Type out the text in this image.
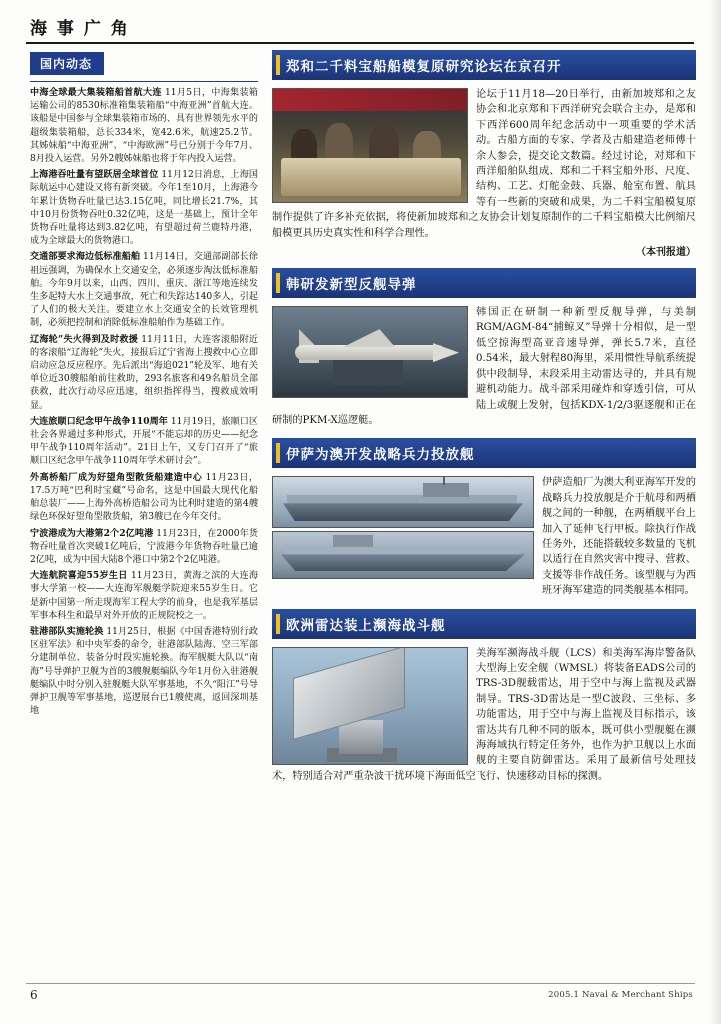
海 事 广 角
国内动态
中海全球最大集装箱船首航大连 11月5日，中海集装箱运输公司的8530标准箱集装箱船“中海亚洲”首航大连。该船是中国参与全球集装箱市场的、具有世界领先水平的超级集装箱船，总长334米，宽42.6米，航速25.2节。其姊妹船“中海亚洲”、“中海欧洲”号已分别于今年7月、8月投入运营。另外2艘姊妹船也将于年内投入运营。
上海港吞吐量有望跃居全球首位 11月12日消息，上海国际航运中心建设又将有新突破。今年1至10月，上海港今年累计货物吞吐量已达3.15亿吨，同比增长21.7%，其中10月份货物吞吐0.32亿吨，这是一基础上，预计全年货物吞吐量将达到3.82亿吨，有望超过荷兰鹿特丹港，成为全球最大的货物港口。
交通部要求海边低标准船舶 11月14日，交通部副部长徐祖远强调，为确保水上交通安全，必须逐步淘汰低标准船舶。今年9月以来，山西、四川、重庆、浙江等地连续发生多起特大水上交通事故，死亡和失踪达140多人，引起了人们的极大关注。要建立水上交通安全的长效管理机制，必须把控制和消除低标准船舶作为基础工作。
辽海轮”失火得到及时救援 11月11日，大连客滚船附近的客滚船“辽海轮”失火，接报后辽宁省海上搜救中心立即启动应急反应程序。先后派出“海追021”轮及军、地有关单位近30艘船舶前往救助，293名旅客和49名船员全部获救，此次行动尽应迅速，组织指挥得当，搜救成效明显。
大连旅顺口纪念甲午战争110周年 11月19日，旅顺口区社会各界通过多种形式，开展“不能忘却的历史——纪念甲午战争110周年活动”。21日上午，又专门召开了“旅顺口区纪念甲午战争110周年学术研讨会”。
外高桥船厂成为好望角型散货船建造中心 11月23日，17.5万吨“巴利时宝藏”号命名，这是中国最大现代化船舶总装厂——上海外高桥造船公司为比利时建造的第4艘绿色环保好望角型散货船，第3艘已在今年交付。
宁波港成为大港第2个2亿吨港 11月23日，在2000年货物吞吐量首次突破1亿吨后，宁波港今年货物吞吐量已逾2亿吨，成为中国大陆8个港口中第2个2亿吨港。
大连航院喜迎55岁生日 11月23日，黄海之滨的大连海事大学第一校——大连海军舰艇学院迎来55岁生日。它是新中国第一所走现海军工程大学的前身，也是我军基层军事本科生和最早对外开放的正规院校之一。
驻港部队实施轮换 11月25日，根据《中国香港特别行政区驻军法》和中央军委的命令，驻港部队陆海、空三军部分建制单位、装备分时段实施轮换。海军舰艇大队以“南海”号导弹护卫舰为首的3艘舰艇编队今年1月份入驻港舰艇编队中时分别入驻舰艇大队军事基地，不久“阳江”号导弹护卫舰等军事基地，巡逻展台已1艘使离，返回深圳基地
郑和二千料宝船船模复原研究论坛在京召开
论坛于11月18—20日举行，由新加坡郑和之友协会和北京郑和下西洋研究会联合主办，是郑和下西洋600周年纪念活动中一项重要的学术活动。古船方面的专家、学者及古船建造老师傅十余人参会，提交论文数篇。经过讨论，对郑和下西洋船舶队组成、郑和二千料宝船外形、尺度、结构、工艺、灯舵金鼓、兵器、舱室布置、航具等有一些新的突破和成果，为二千料宝船模复原制作提供了许多补充依据，将使新加坡郑和之友协会计划复原制作的二千料宝船模大比例缩尺船模更具历史真实性和科学合理性。
（本刊报道）
韩研发新型反舰导弹
韩国正在研制一种新型反舰导弹，与美制RGM/AGM-84“捕鲸叉”导弹十分相似，是一型低空掠海型高亚音速导弹，弹长5.7米，直径0.54米，最大射程80海里，采用惯性导航系统提供中段制导，末段采用主动雷达寻的，并具有规避机动能力。战斗部采用碰炸和穿透引信，可从陆上或舰上发射，包括KDX-1/2/3驱逐舰和正在研制的PKM-X巡逻艇。
伊萨为澳开发战略兵力投放舰
伊萨造船厂为澳大利亚海军开发的战略兵力投放舰是介于航母和两栖舰之间的一种舰，在两栖舰平台上加入了延伸飞行甲板。除执行作战任务外，还能搭载较多数量的飞机以适行在自然灾害中搜寻、营救、支援等非作战任务。该型舰与为西班牙海军建造的同类舰基本相同。
欧洲雷达装上濒海战斗舰
美海军濒海战斗舰（LCS）和美海军海岸警备队大型海上安全舰（WMSL）将装备EADS公司的TRS-3D舰载雷达，用于空中与海上监视及武器制导。TRS-3D雷达是一型C波段、三坐标、多功能雷达，用于空中与海上监视及目标指示，该雷达共有几种不同的版本，既可供小型舰艇在濒海海域执行特定任务外，也作为护卫舰以上水面舰的主要自防御雷达。采用了最新信号处理技术，特别适合对严重杂波干扰环境下海面低空飞行、快速移动目标的探测。
6	2005.1 Naval & Merchant Ships
